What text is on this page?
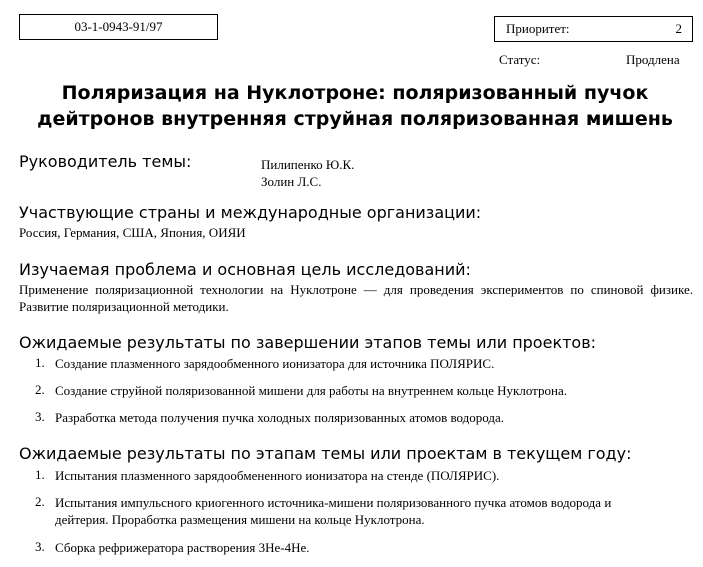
03-1-0943-91/97	Приоритет:	2
Статус:	Продлена
Поляризация на Нуклотроне: поляризованный пучок
дейтронов внутренняя струйная поляризованная мишень
Руководитель темы:	Пилипенко Ю.К.
Золин Л.С.
Участвующие страны и международные организации:

Россия, Германия, США, Япония, ОИЯИ

Изучаемая проблема и основная цель исследований:

Применение поляризационной технологии на Нуклотроне — для проведения экспериментов по спиновой физике. Развитие поляризационной методики.

Ожидаемые результаты по завершении этапов темы или проектов:
1. Создание плазменного зарядообменного ионизатора для источника ПОЛЯРИС.
2. Создание струйной поляризованной мишени для работы на внутреннем кольце Нуклотрона.
3. Разработка метода получения пучка холодных поляризованных атомов водорода.
Ожидаемые результаты по этапам темы или проектам в текущем году:
1. Испытания плазменного зарядообмененного ионизатора на стенде (ПОЛЯРИС).
2. Испытания импульсного криогенного источника-мишени поляризованного пучка атомов водорода и дейтерия. Проработка размещения мишени на кольце Нуклотрона.
3. Сборка рефрижератора растворения 3He-4He.
